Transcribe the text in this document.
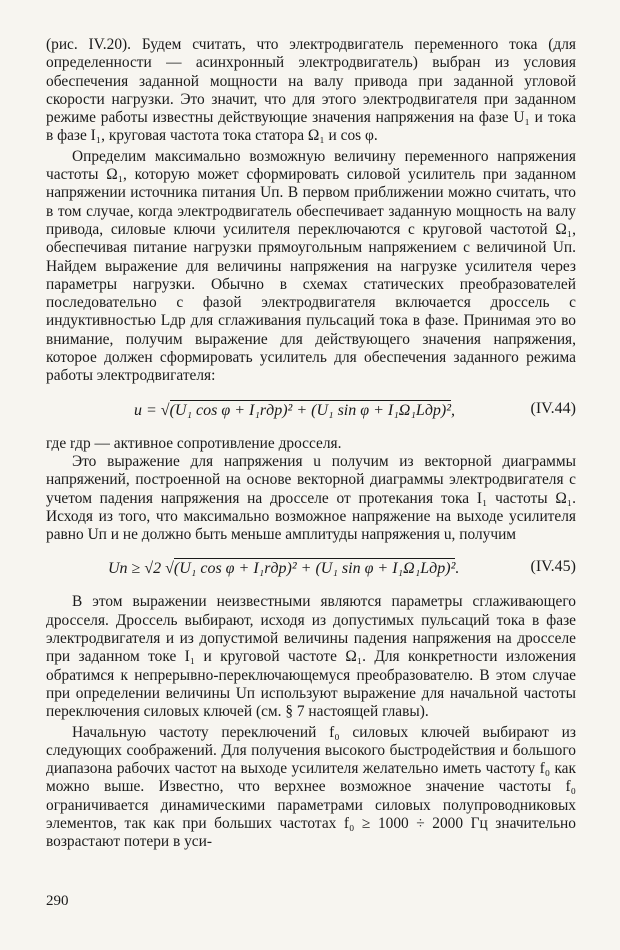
(рис. IV.20). Будем считать, что электродвигатель переменного тока (для определенности — асинхронный электродвигатель) выбран из условия обеспечения заданной мощности на валу привода при заданной угловой скорости нагрузки. Это значит, что для этого электродвигателя при заданном режиме работы известны действующие значения напряжения на фазе U₁ и тока в фазе I₁, круговая частота тока статора Ω₁ и cos φ.

Определим максимально возможную величину переменного напряжения частоты Ω₁, которую может сформировать силовой усилитель при заданном напряжении источника питания Uп. В первом приближении можно считать, что в том случае, когда электродвигатель обеспечивает заданную мощность на валу привода, силовые ключи усилителя переключаются с круговой частотой Ω₁, обеспечивая питание нагрузки прямоугольным напряжением с величиной Uп. Найдем выражение для величины напряжения на нагрузке усилителя через параметры нагрузки. Обычно в схемах статических преобразователей последовательно с фазой электродвигателя включается дроссель с индуктивностью Lдр для сглаживания пульсаций тока в фазе. Принимая это во внимание, получим выражение для действующего значения напряжения, которое должен сформировать усилитель для обеспечения заданного режима работы электродвигателя:

u = √(U₁ cos φ + I₁rдр)² + (U₁ sin φ + I₁Ω₁Lдр)²,	(IV.44)

где rдр — активное сопротивление дросселя.

Это выражение для напряжения u получим из векторной диаграммы напряжений, построенной на основе векторной диаграммы электродвигателя с учетом падения напряжения на дросселе от протекания тока I₁ частоты Ω₁. Исходя из того, что максимально возможное напряжение на выходе усилителя равно Uп и не должно быть меньше амплитуды напряжения u, получим

Uп ≥ √2 √(U₁ cos φ + I₁rдр)² + (U₁ sin φ + I₁Ω₁Lдр)².	(IV.45)

В этом выражении неизвестными являются параметры сглаживающего дросселя. Дроссель выбирают, исходя из допустимых пульсаций тока в фазе электродвигателя и из допустимой величины падения напряжения на дросселе при заданном токе I₁ и круговой частоте Ω₁. Для конкретности изложения обратимся к непрерывно-переключающемуся преобразователю. В этом случае при определении величины Uп используют выражение для начальной частоты переключения силовых ключей (см. § 7 настоящей главы).

Начальную частоту переключений f₀ силовых ключей выбирают из следующих соображений. Для получения высокого быстродействия и большого диапазона рабочих частот на выходе усилителя желательно иметь частоту f₀ как можно выше. Известно, что верхнее возможное значение частоты f₀ ограничивается динамическими параметрами силовых полупроводниковых элементов, так как при больших частотах f₀ ≥ 1000 ÷ 2000 Гц значительно возрастают потери в уси-

290
